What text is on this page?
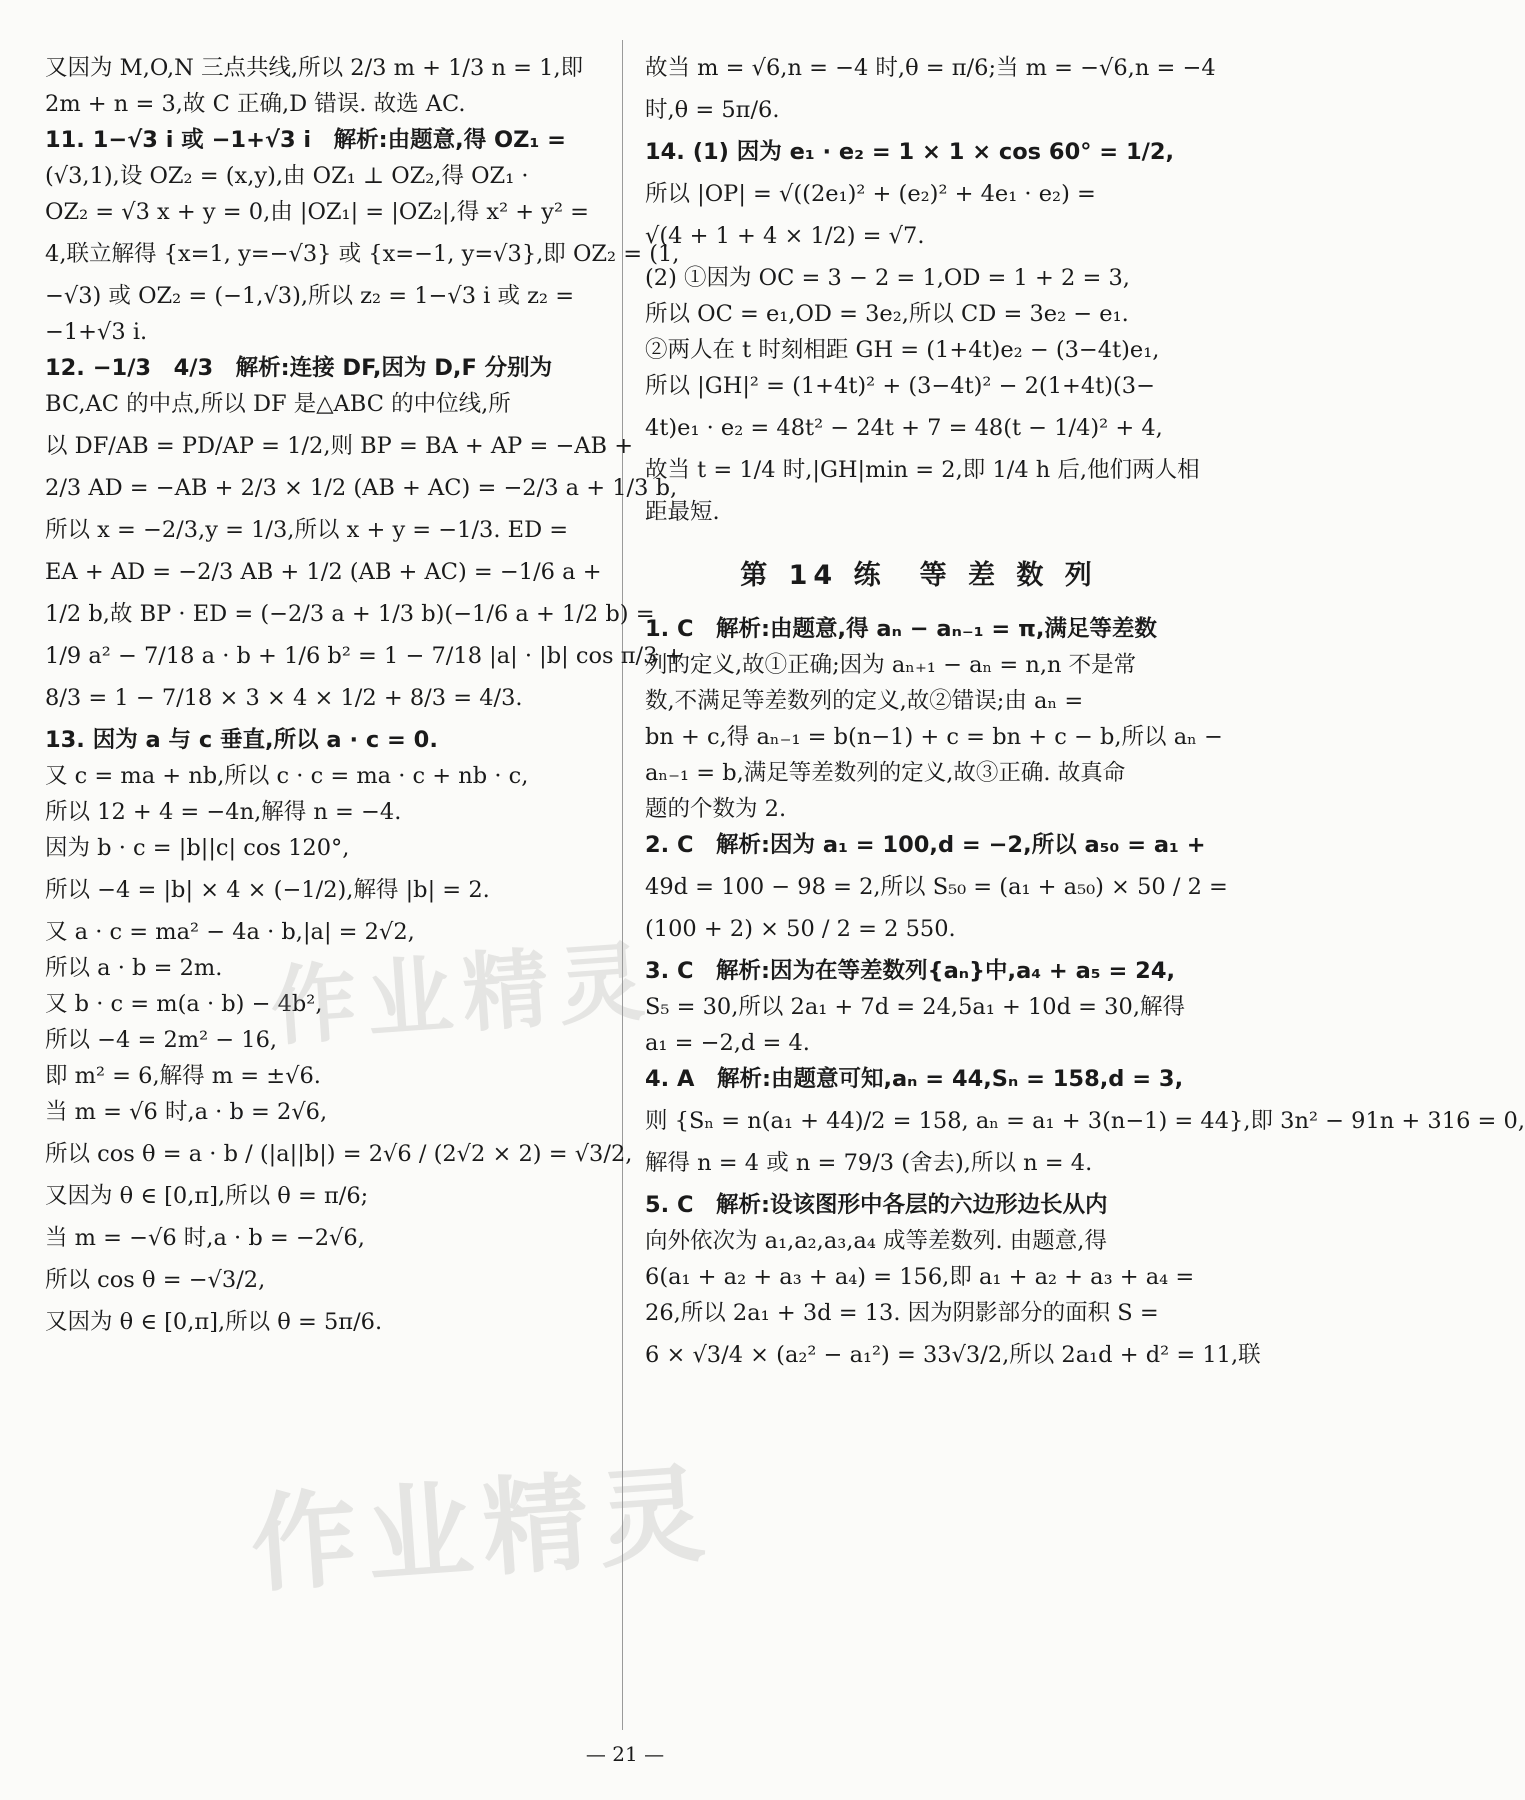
又因为 M,O,N 三点共线,所以 2/3 m + 1/3 n = 1,即
2m + n = 3,故 C 正确,D 错误. 故选 AC.
11. 1−√3 i 或 −1+√3 i　解析:由题意,得 OZ₁ =
(√3,1),设 OZ₂ = (x,y),由 OZ₁ ⊥ OZ₂,得 OZ₁ ·
OZ₂ = √3 x + y = 0,由 |OZ₁| = |OZ₂|,得 x² + y² =
4,联立解得 {x=1, y=−√3} 或 {x=−1, y=√3},即 OZ₂ = (1,
−√3) 或 OZ₂ = (−1,√3),所以 z₂ = 1−√3 i 或 z₂ =
−1+√3 i.
12. −1/3　4/3　解析:连接 DF,因为 D,F 分别为
BC,AC 的中点,所以 DF 是△ABC 的中位线,所
以 DF/AB = PD/AP = 1/2,则 BP = BA + AP = −AB +
2/3 AD = −AB + 2/3 × 1/2 (AB + AC) = −2/3 a + 1/3 b,
所以 x = −2/3,y = 1/3,所以 x + y = −1/3. ED =
EA + AD = −2/3 AB + 1/2 (AB + AC) = −1/6 a +
1/2 b,故 BP · ED = (−2/3 a + 1/3 b)(−1/6 a + 1/2 b) =
1/9 a² − 7/18 a · b + 1/6 b² = 1 − 7/18 |a| · |b| cos π/3 +
8/3 = 1 − 7/18 × 3 × 4 × 1/2 + 8/3 = 4/3.
13. 因为 a 与 c 垂直,所以 a · c = 0.
又 c = ma + nb,所以 c · c = ma · c + nb · c,
所以 12 + 4 = −4n,解得 n = −4.
因为 b · c = |b||c| cos 120°,
所以 −4 = |b| × 4 × (−1/2),解得 |b| = 2.
又 a · c = ma² − 4a · b,|a| = 2√2,
所以 a · b = 2m.
又 b · c = m(a · b) − 4b²,
所以 −4 = 2m² − 16,
即 m² = 6,解得 m = ±√6.
当 m = √6 时,a · b = 2√6,
所以 cos θ = a · b / (|a||b|) = 2√6 / (2√2 × 2) = √3/2,
又因为 θ ∈ [0,π],所以 θ = π/6;
当 m = −√6 时,a · b = −2√6,
所以 cos θ = −√3/2,
又因为 θ ∈ [0,π],所以 θ = 5π/6.
故当 m = √6,n = −4 时,θ = π/6;当 m = −√6,n = −4
时,θ = 5π/6.
14. (1) 因为 e₁ · e₂ = 1 × 1 × cos 60° = 1/2,
所以 |OP| = √((2e₁)² + (e₂)² + 4e₁ · e₂) =
√(4 + 1 + 4 × 1/2) = √7.
(2) ①因为 OC = 3 − 2 = 1,OD = 1 + 2 = 3,
所以 OC = e₁,OD = 3e₂,所以 CD = 3e₂ − e₁.
②两人在 t 时刻相距 GH = (1+4t)e₂ − (3−4t)e₁,
所以 |GH|² = (1+4t)² + (3−4t)² − 2(1+4t)(3−
4t)e₁ · e₂ = 48t² − 24t + 7 = 48(t − 1/4)² + 4,
故当 t = 1/4 时,|GH|min = 2,即 1/4 h 后,他们两人相
距最短.
第 14 练　等 差 数 列
1. C　解析:由题意,得 aₙ − aₙ₋₁ = π,满足等差数
列的定义,故①正确;因为 aₙ₊₁ − aₙ = n,n 不是常
数,不满足等差数列的定义,故②错误;由 aₙ =
bn + c,得 aₙ₋₁ = b(n−1) + c = bn + c − b,所以 aₙ −
aₙ₋₁ = b,满足等差数列的定义,故③正确. 故真命
题的个数为 2.
2. C　解析:因为 a₁ = 100,d = −2,所以 a₅₀ = a₁ +
49d = 100 − 98 = 2,所以 S₅₀ = (a₁ + a₅₀) × 50 / 2 =
(100 + 2) × 50 / 2 = 2 550.
3. C　解析:因为在等差数列{aₙ}中,a₄ + a₅ = 24,
S₅ = 30,所以 2a₁ + 7d = 24,5a₁ + 10d = 30,解得
a₁ = −2,d = 4.
4. A　解析:由题意可知,aₙ = 44,Sₙ = 158,d = 3,
则 {Sₙ = n(a₁ + 44)/2 = 158, aₙ = a₁ + 3(n−1) = 44},即 3n² − 91n + 316 = 0,
解得 n = 4 或 n = 79/3 (舍去),所以 n = 4.
5. C　解析:设该图形中各层的六边形边长从内
向外依次为 a₁,a₂,a₃,a₄ 成等差数列. 由题意,得
6(a₁ + a₂ + a₃ + a₄) = 156,即 a₁ + a₂ + a₃ + a₄ =
26,所以 2a₁ + 3d = 13. 因为阴影部分的面积 S =
6 × √3/4 × (a₂² − a₁²) = 33√3/2,所以 2a₁d + d² = 11,联
作业精灵
作业精灵
— 21 —
